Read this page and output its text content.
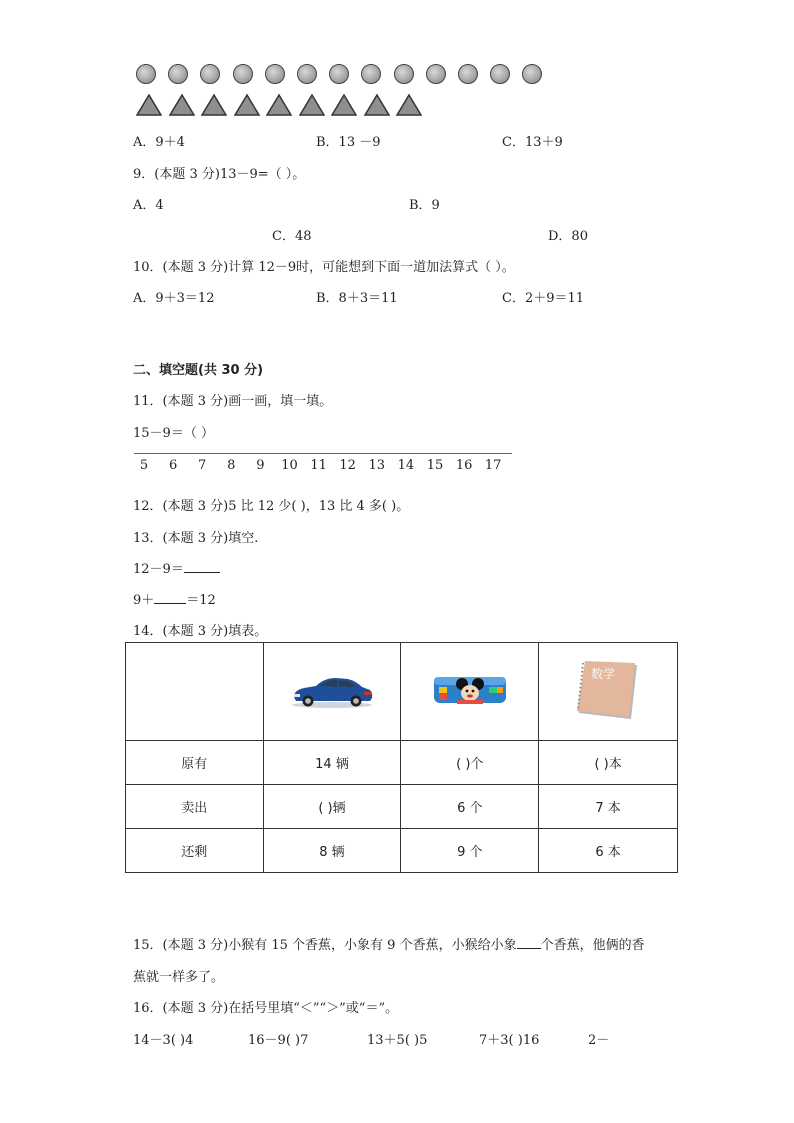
A．9＋4	B．13 －9	C．13＋9
9．(本题 3 分)13－9=（ ）。
A．4	B．9
C．48	D．80
10．(本题 3 分)计算 12－9时，可能想到下面一道加法算式（ ）。
A．9＋3＝12	B．8＋3＝11	C．2＋9＝11
二、填空题(共 30 分)
11．(本题 3 分)画一画，填一填。
15－9＝（ ）
5	6	7	8	9	10 11 12 13 14 15 16 17
12．(本题 3 分)5 比 12 少( )，13 比 4 多( )。
13．(本题 3 分)填空.
12－9＝
9＋ ＝12
14．(本题 3 分)填表。

数学

原有	14 辆	( )个	( )本
卖出	( )辆	6 个	7 本
还剩	8 辆	9 个	6 本
15．(本题 3 分)小猴有 15 个香蕉，小象有 9 个香蕉，小猴给小象 个香蕉，他俩的香
蕉就一样多了。
16．(本题 3 分)在括号里填“＜”“＞”或“＝”。
14－3( )4	16－9( )7	13＋5( )5	7＋3( )16	2－
